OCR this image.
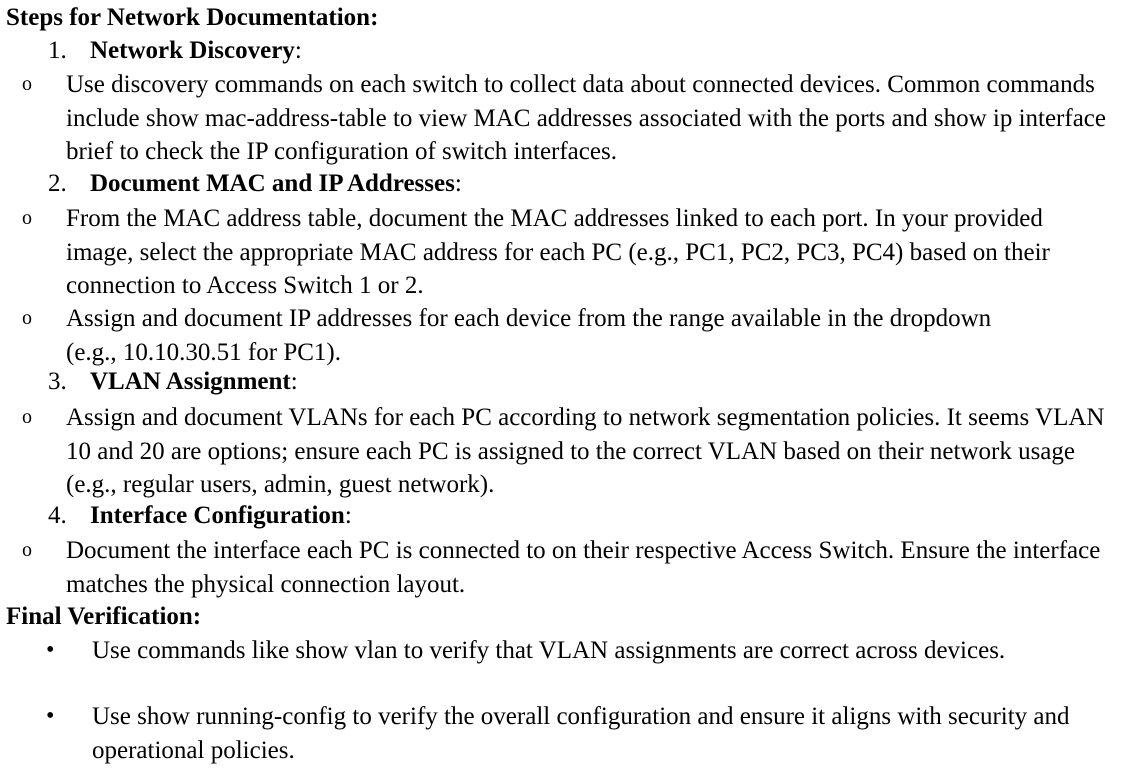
Steps for Network Documentation:
1. Network Discovery:
o Use discovery commands on each switch to collect data about connected devices. Common commands include show mac-address-table to view MAC addresses associated with the ports and show ip interface brief to check the IP configuration of switch interfaces.
2. Document MAC and IP Addresses:
o From the MAC address table, document the MAC addresses linked to each port. In your provided image, select the appropriate MAC address for each PC (e.g., PC1, PC2, PC3, PC4) based on their connection to Access Switch 1 or 2.
o Assign and document IP addresses for each device from the range available in the dropdown (e.g., 10.10.30.51 for PC1).
3. VLAN Assignment:
o Assign and document VLANs for each PC according to network segmentation policies. It seems VLAN 10 and 20 are options; ensure each PC is assigned to the correct VLAN based on their network usage (e.g., regular users, admin, guest network).
4. Interface Configuration:
o Document the interface each PC is connected to on their respective Access Switch. Ensure the interface matches the physical connection layout.
Final Verification:
• Use commands like show vlan to verify that VLAN assignments are correct across devices.
• Use show running-config to verify the overall configuration and ensure it aligns with security and operational policies.
